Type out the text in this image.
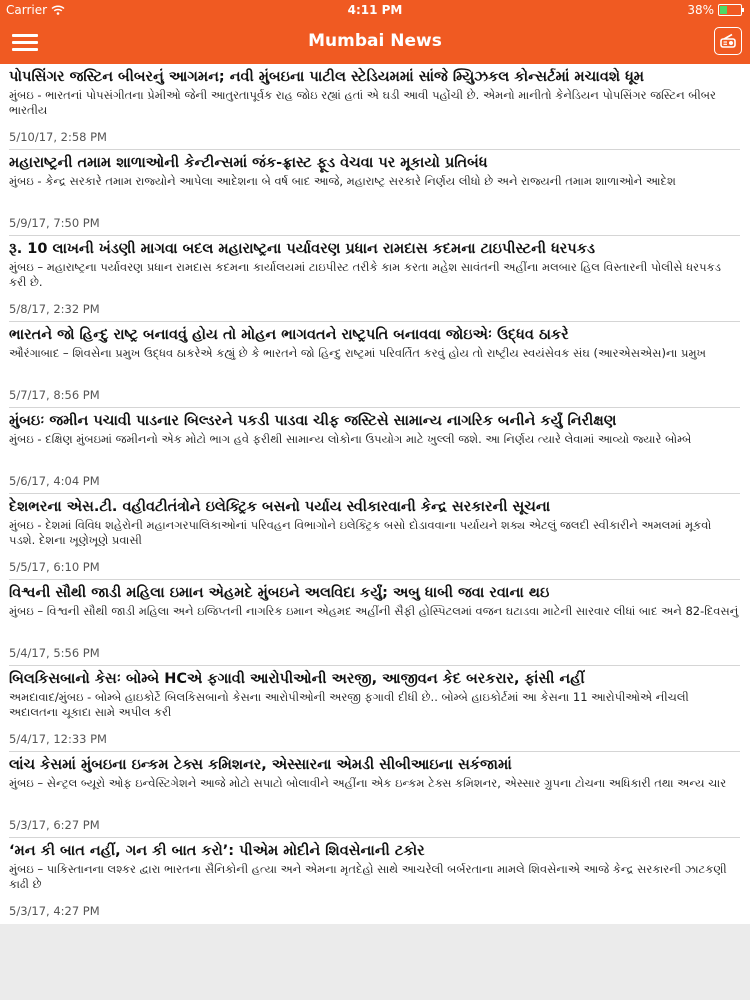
Carrier	4:11 PM	38%
Mumbai News
પોપસિંગર જસ્ટિન બીબરનું આગમન; નવી મુંબઇના પાટીલ સ્ટેડિયમમાં સાંજે મ્યુિઝકલ કોન્સર્ટમાં મચાવશે ધૂમ
મુંબઇ - ભારતનાં પોપસંગીતના પ્રેમીઓ જેની આતુરતાપૂર્વક રાહ જોઇ રહ્યાં હતાં એ ઘડી આવી પહોંચી છે. એમનો માનીતો કેનેડિયન પોપસિંગર જસ્ટિન બીબર ભારતીય
5/10/17, 2:58 PM
મહારાષ્ટ્રની તમામ શાળાઓની કેન્ટીન્સમાં જંક-ફ્રાસ્ટ ફૂડ વેચવા પર મૂકાયો પ્રતિબંધ
મુંબઇ - કેન્દ્ર સરકારે તમામ રાજ્યોને આપેલા આદેશના બે વર્ષ બાદ આજે, મહારાષ્ટ્ર સરકારે નિર્ણય લીધો છે અને રાજ્યની તમામ શાળાઓને આદેશ
5/9/17, 7:50 PM
રૂ. 10 લાખની ખંડણી માગવા બદલ મહારાષ્ટ્રના પર્યાવરણ પ્રધાન રામદાસ કદમના ટાઇપીસ્ટની ધરપકડ
મુંબઇ – મહારાષ્ટ્રના પર્યાવરણ પ્રધાન રામદાસ કદમના કાર્યાલયમાં ટાઇપીસ્ટ તરીકે કામ કરતા મહેશ સાવંતની અહીંના મલબાર હિલ વિસ્તારની પોલીસે ધરપકડ કરી છે.
5/8/17, 2:32 PM
ભારતને જો હિન્દુ રાષ્ટ્ર બનાવવું હોય તો મોહન ભાગવતને રાષ્ટ્રપતિ બનાવવા જોઇએઃ ઉદ્ધવ ઠાકરે
ઔરંગાબાદ – શિવસેના પ્રમુખ ઉદ્ધવ ઠાકરેએ કહ્યું છે કે ભારતને જો હિન્દુ રાષ્ટ્રમાં પરિવર્તિત કરવું હોય તો રાષ્ટ્રીય સ્વયંસેવક સંઘ (આરએસએસ)ના પ્રમુખ
5/7/17, 8:56 PM
મુંબઇઃ જમીન પચાવી પાડનાર બિલ્ડરને પકડી પાડવા ચીફ જસ્ટિસે સામાન્ય નાગરિક બનીને કર્યું નિરીક્ષણ
મુંબઇ - દક્ષિણ મુંબઇમાં જમીનનો એક મોટો ભાગ હવે ફરીથી સામાન્ય લોકોના ઉપયોગ માટે ખુલ્લી જશે. આ નિર્ણય ત્યારે લેવામાં આવ્યો જ્યારે બોમ્બે
5/6/17, 4:04 PM
દેશભરના એસ.ટી. વહીવટીતંત્રોને ઇલેક્ટ્રિક બસનો પર્યાય સ્વીકારવાની કેન્દ્ર સરકારની સૂચના
મુંબઇ - દેશમાં વિવિધ શહેરોની મહાનગરપાલિકાઓનાં પરિવહન વિભાગોને ઇલેક્ટ્રિક બસો દોડાવવાના પર્યાયને શક્ય એટલું જલદી સ્વીકારીને અમલમાં મૂકવો પડશે. દેશના ખૂણેખૂણે પ્રવાસી
5/5/17, 6:10 PM
વિશ્વની સૌથી જાડી મહિલા ઇમાન એહમદે મુંબઇને અલવિદા કર્યું; અબુ ધાબી જવા રવાના થઇ
મુંબઇ – વિશ્વની સૌથી જાડી મહિલા અને ઇજિપ્તની નાગરિક ઇમાન એહમદ અહીંની સૈફી હોસ્પિટલમાં વજન ઘટાડવા માટેની સારવાર લીધાં બાદ અને 82-દિવસનું
5/4/17, 5:56 PM
બિલકિસબાનો કેસઃ બોમ્બે HCએ ફગાવી આરોપીઓની અરજી, આજીવન કેદ બરકરાર, ફાંસી નહીં
અમદાવાદ/મુંબઇ - બોમ્બે હાઇકોર્ટે બિલકિસબાનો કેસના આરોપીઓની અરજી ફગાવી દીધી છે.. બોમ્બે હાઇકોર્ટમાં આ કેસના 11 આરોપીઓએ નીચલી અદાલતના ચૂકાદા સામે અપીલ કરી
5/4/17, 12:33 PM
લાંચ કેસમાં મુંબઇના ઇન્કમ ટેક્સ કમિશનર, એસ્સારના એમડી સીબીઆઇના સકંજામાં
મુંબઇ – સેન્ટ્રલ બ્યૂરો ઓફ ઇન્વેસ્ટિગેશને આજે મોટો સપાટો બોલાવીને અહીંના એક ઇન્કમ ટેક્સ કમિશનર, એસ્સાર ગ્રુપના ટોચના અધિકારી તથા અન્ય ચાર
5/3/17, 6:27 PM
‘મન કી બાત નહીં, ગન કી બાત કરો’: પીએમ મોદીને શિવસેનાની ટકોર
મુંબઇ – પાકિસ્તાનના લશ્કર દ્વારા ભારતના સૈનિકોની હત્યા અને એમના મૃતદેહો સાથે આચરેલી બર્બરતાના મામલે શિવસેનાએ આજે કેન્દ્ર સરકારની ઝાટકણી કાઢી છે
5/3/17, 4:27 PM
